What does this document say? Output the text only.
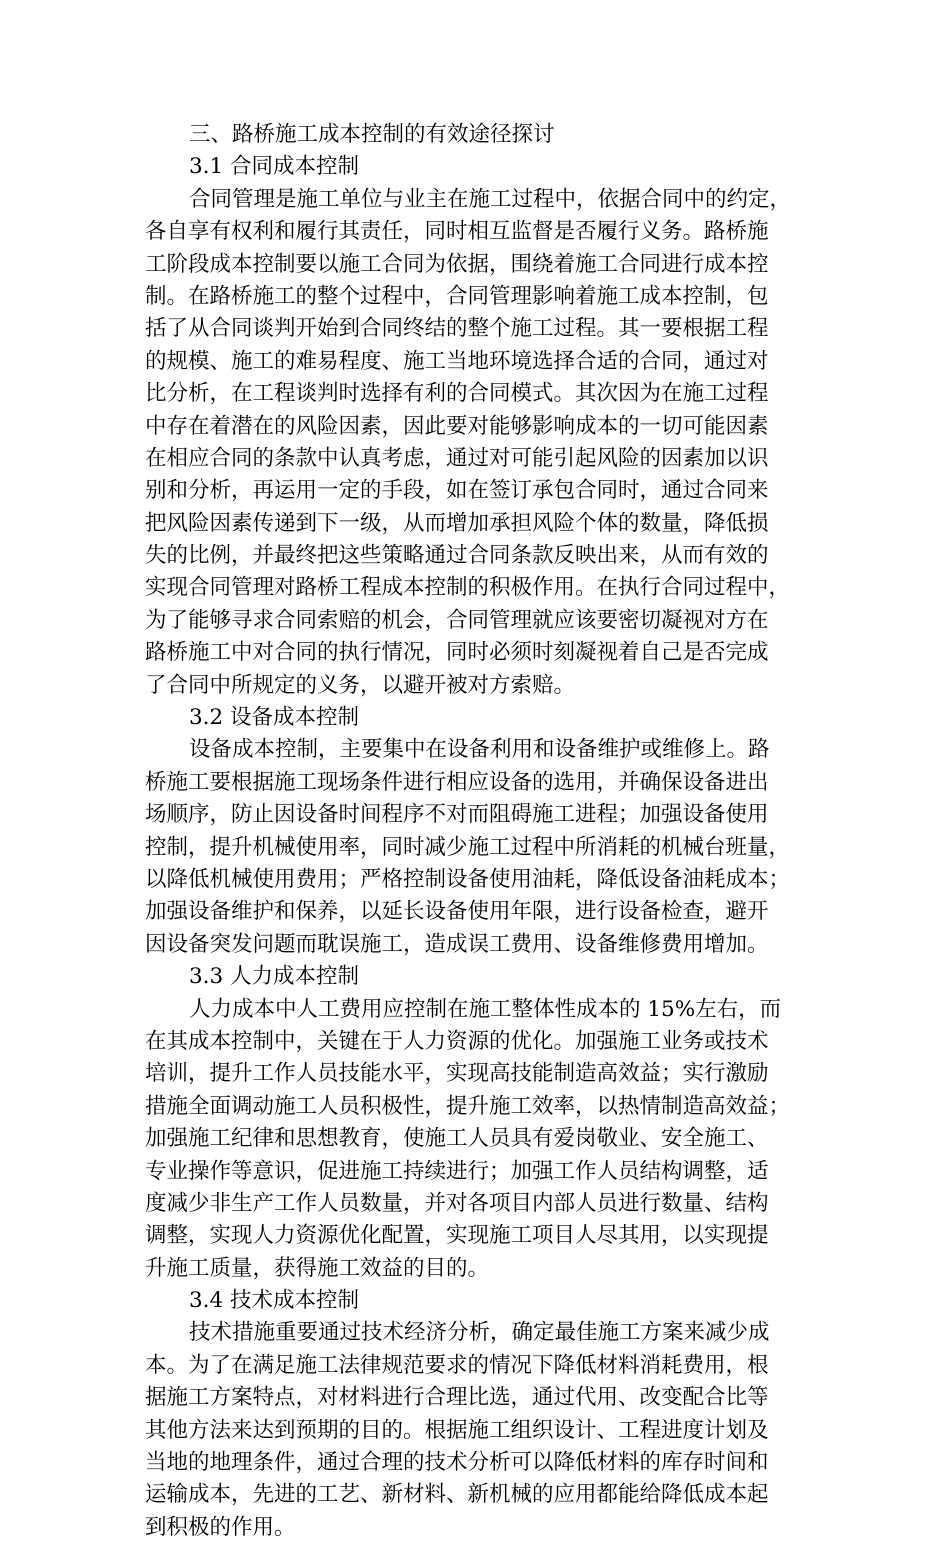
三、路桥施工成本控制的有效途径探讨
3.1 合同成本控制
合同管理是施工单位与业主在施工过程中，依据合同中的约定，
各自享有权利和履行其责任，同时相互监督是否履行义务。路桥施
工阶段成本控制要以施工合同为依据，围绕着施工合同进行成本控
制。在路桥施工的整个过程中，合同管理影响着施工成本控制，包
括了从合同谈判开始到合同终结的整个施工过程。其一要根据工程
的规模、施工的难易程度、施工当地环境选择合适的合同，通过对
比分析，在工程谈判时选择有利的合同模式。其次因为在施工过程
中存在着潜在的风险因素，因此要对能够影响成本的一切可能因素
在相应合同的条款中认真考虑，通过对可能引起风险的因素加以识
别和分析，再运用一定的手段，如在签订承包合同时，通过合同来
把风险因素传递到下一级，从而增加承担风险个体的数量，降低损
失的比例，并最终把这些策略通过合同条款反映出来，从而有效的
实现合同管理对路桥工程成本控制的积极作用。在执行合同过程中，
为了能够寻求合同索赔的机会，合同管理就应该要密切凝视对方在
路桥施工中对合同的执行情况，同时必须时刻凝视着自己是否完成
了合同中所规定的义务，以避开被对方索赔。
3.2 设备成本控制
设备成本控制，主要集中在设备利用和设备维护或维修上。路
桥施工要根据施工现场条件进行相应设备的选用，并确保设备进出
场顺序，防止因设备时间程序不对而阻碍施工进程；加强设备使用
控制，提升机械使用率，同时减少施工过程中所消耗的机械台班量，
以降低机械使用费用；严格控制设备使用油耗，降低设备油耗成本；
加强设备维护和保养，以延长设备使用年限，进行设备检查，避开
因设备突发问题而耽误施工，造成误工费用、设备维修费用增加。
3.3 人力成本控制
人力成本中人工费用应控制在施工整体性成本的 15%左右，而
在其成本控制中，关键在于人力资源的优化。加强施工业务或技术
培训，提升工作人员技能水平，实现高技能制造高效益；实行激励
措施全面调动施工人员积极性，提升施工效率，以热情制造高效益；
加强施工纪律和思想教育，使施工人员具有爱岗敬业、安全施工、
专业操作等意识，促进施工持续进行；加强工作人员结构调整，适
度减少非生产工作人员数量，并对各项目内部人员进行数量、结构
调整，实现人力资源优化配置，实现施工项目人尽其用，以实现提
升施工质量，获得施工效益的目的。
3.4 技术成本控制
技术措施重要通过技术经济分析，确定最佳施工方案来减少成
本。为了在满足施工法律规范要求的情况下降低材料消耗费用，根
据施工方案特点，对材料进行合理比选，通过代用、改变配合比等
其他方法来达到预期的目的。根据施工组织设计、工程进度计划及
当地的地理条件，通过合理的技术分析可以降低材料的库存时间和
运输成本，先进的工艺、新材料、新机械的应用都能给降低成本起
到积极的作用。
